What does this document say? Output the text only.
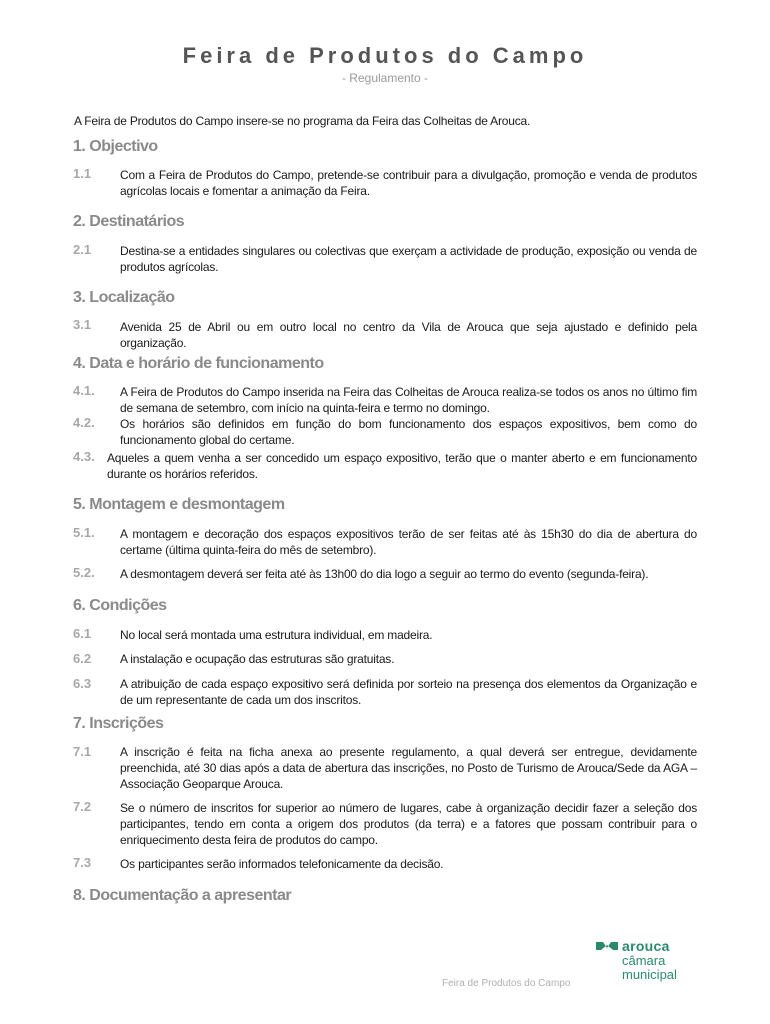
Feira de Produtos do Campo
- Regulamento -
A Feira de Produtos do Campo insere-se no programa da Feira das Colheitas de Arouca.
1. Objectivo
1.1 Com a Feira de Produtos do Campo, pretende-se contribuir para a divulgação, promoção e venda de produtos agrícolas locais e fomentar a animação da Feira.
2. Destinatários
2.1 Destina-se a entidades singulares ou colectivas que exerçam a actividade de produção, exposição ou venda de produtos agrícolas.
3. Localização
3.1 Avenida 25 de Abril ou em outro local no centro da Vila de Arouca que seja ajustado e definido pela organização.
4. Data e horário de funcionamento
4.1. A Feira de Produtos do Campo inserida na Feira das Colheitas de Arouca realiza-se todos os anos no último fim de semana de setembro, com início na quinta-feira e termo no domingo.
4.2. Os horários são definidos em função do bom funcionamento dos espaços expositivos, bem como do funcionamento global do certame.
4.3. Aqueles a quem venha a ser concedido um espaço expositivo, terão que o manter aberto e em funcionamento durante os horários referidos.
5. Montagem e desmontagem
5.1. A montagem e decoração dos espaços expositivos terão de ser feitas até às 15h30 do dia de abertura do certame (última quinta-feira do mês de setembro).
5.2. A desmontagem deverá ser feita até às 13h00 do dia logo a seguir ao termo do evento (segunda-feira).
6. Condições
6.1 No local será montada uma estrutura individual, em madeira.
6.2 A instalação e ocupação das estruturas são gratuitas.
6.3 A atribuição de cada espaço expositivo será definida por sorteio na presença dos elementos da Organização e de um representante de cada um dos inscritos.
7. Inscrições
7.1 A inscrição é feita na ficha anexa ao presente regulamento, a qual deverá ser entregue, devidamente preenchida, até 30 dias após a data de abertura das inscrições, no Posto de Turismo de Arouca/Sede da AGA – Associação Geoparque Arouca.
7.2 Se o número de inscritos for superior ao número de lugares, cabe à organização decidir fazer a seleção dos participantes, tendo em conta a origem dos produtos (da terra) e a fatores que possam contribuir para o enriquecimento desta feira de produtos do campo.
7.3 Os participantes serão informados telefonicamente da decisão.
8. Documentação a apresentar
Feira de Produtos do Campo
arouca
câmara
municipal
